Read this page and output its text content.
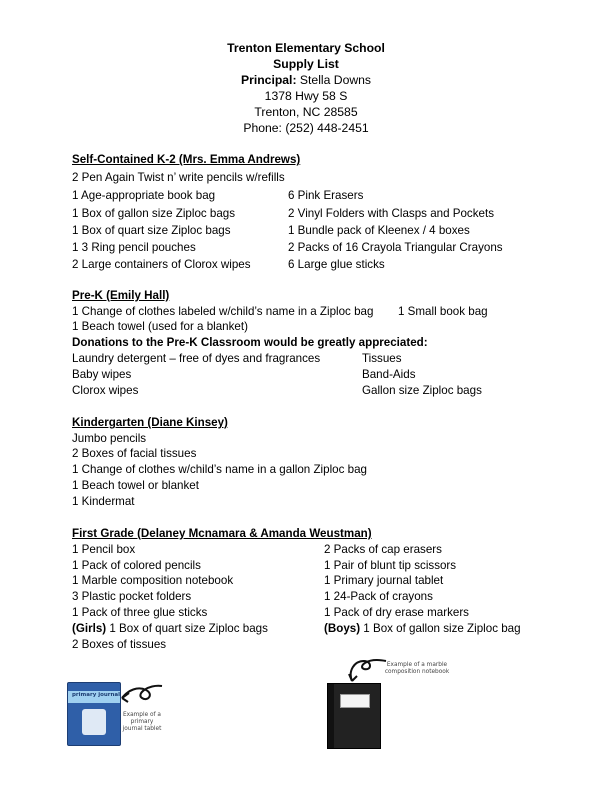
Trenton Elementary School
Supply List
Principal: Stella Downs
1378 Hwy 58 S
Trenton, NC 28585
Phone: (252) 448-2451
Self-Contained K-2 (Mrs. Emma Andrews)
2 Pen Again Twist n’ write pencils w/refills
1 Age-appropriate book bag
1 Box of gallon size Ziploc bags
1 Box of quart size Ziploc bags
1 3 Ring pencil pouches
2 Large containers of Clorox wipes
6 Pink Erasers
2 Vinyl Folders with Clasps and Pockets
1 Bundle pack of Kleenex / 4 boxes
2 Packs of 16 Crayola Triangular Crayons
6 Large glue sticks
Pre-K (Emily Hall)
1 Change of clothes labeled w/child’s name in a Ziploc bag 1 Small book bag
1 Beach towel (used for a blanket)
Donations to the Pre-K Classroom would be greatly appreciated:
Laundry detergent – free of dyes and fragrances
Baby wipes
Clorox wipes
Tissues
Band-Aids
Gallon size Ziploc bags
Kindergarten (Diane Kinsey)
Jumbo pencils
2 Boxes of facial tissues
1 Change of clothes w/child’s name in a gallon Ziploc bag
1 Beach towel or blanket
1 Kindermat
First Grade (Delaney Mcnamara & Amanda Weustman)
1 Pencil box
1 Pack of colored pencils
1 Marble composition notebook
3 Plastic pocket folders
1 Pack of three glue sticks
(Girls) 1 Box of quart size Ziploc bags
2 Boxes of tissues
2 Packs of cap erasers
1 Pair of blunt tip scissors
1 Primary journal tablet
1 24-Pack of crayons
1 Pack of dry erase markers
(Boys) 1 Box of gallon size Ziploc bag
primary journal
Example of a primary journal tablet
Example of a marble composition notebook
